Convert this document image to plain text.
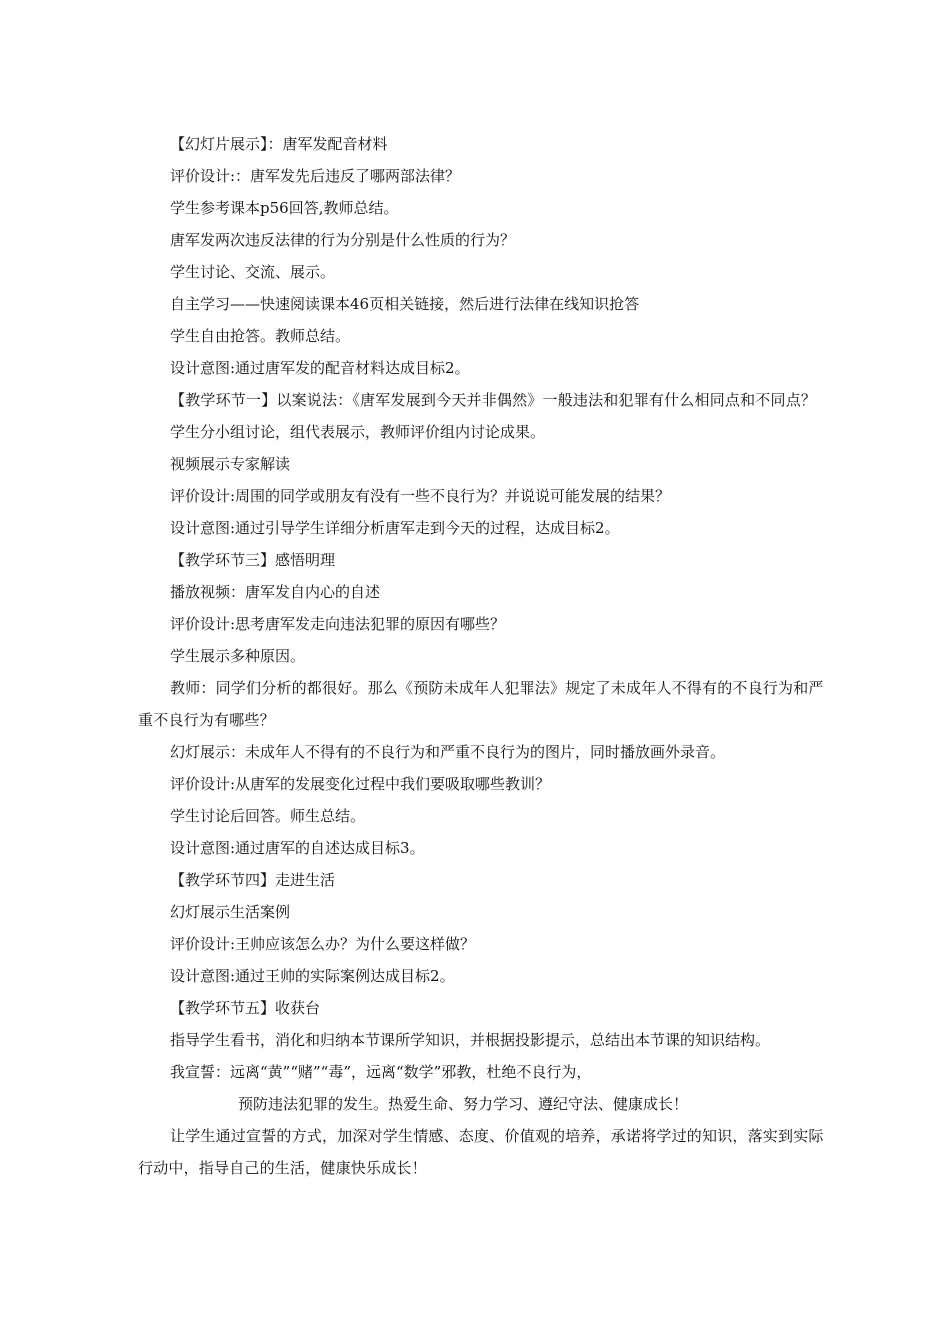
【幻灯片展示】：唐军发配音材料

评价设计:：唐军发先后违反了哪两部法律？

学生参考课本p56回答,教师总结。

唐军发两次违反法律的行为分别是什么性质的行为？

学生讨论、交流、展示。

自主学习——快速阅读课本46页相关链接，然后进行法律在线知识抢答

学生自由抢答。教师总结。

设计意图:通过唐军发的配音材料达成目标2。

【教学环节一】以案说法：《唐军发展到今天并非偶然》一般违法和犯罪有什么相同点和不同点？

学生分小组讨论，组代表展示，教师评价组内讨论成果。

视频展示专家解读

评价设计:周围的同学或朋友有没有一些不良行为？并说说可能发展的结果？

设计意图:通过引导学生详细分析唐军走到今天的过程，达成目标2。

【教学环节三】感悟明理

播放视频：唐军发自内心的自述

评价设计:思考唐军发走向违法犯罪的原因有哪些？

学生展示多种原因。

教师：同学们分析的都很好。那么《预防未成年人犯罪法》规定了未成年人不得有的不良行为和严重不良行为有哪些？

幻灯展示：未成年人不得有的不良行为和严重不良行为的图片，同时播放画外录音。

评价设计:从唐军的发展变化过程中我们要吸取哪些教训？

学生讨论后回答。师生总结。

设计意图:通过唐军的自述达成目标3。

【教学环节四】走进生活

幻灯展示生活案例

评价设计:王帅应该怎么办？为什么要这样做？

设计意图:通过王帅的实际案例达成目标2。

【教学环节五】收获台

指导学生看书，消化和归纳本节课所学知识，并根据投影提示，总结出本节课的知识结构。

我宣誓：远离“黄”“赌”“毒”，远离“数学”邪教，杜绝不良行为，

预防违法犯罪的发生。热爱生命、努力学习、遵纪守法、健康成长！

让学生通过宣誓的方式，加深对学生情感、态度、价值观的培养，承诺将学过的知识，落实到实际行动中，指导自己的生活，健康快乐成长！
